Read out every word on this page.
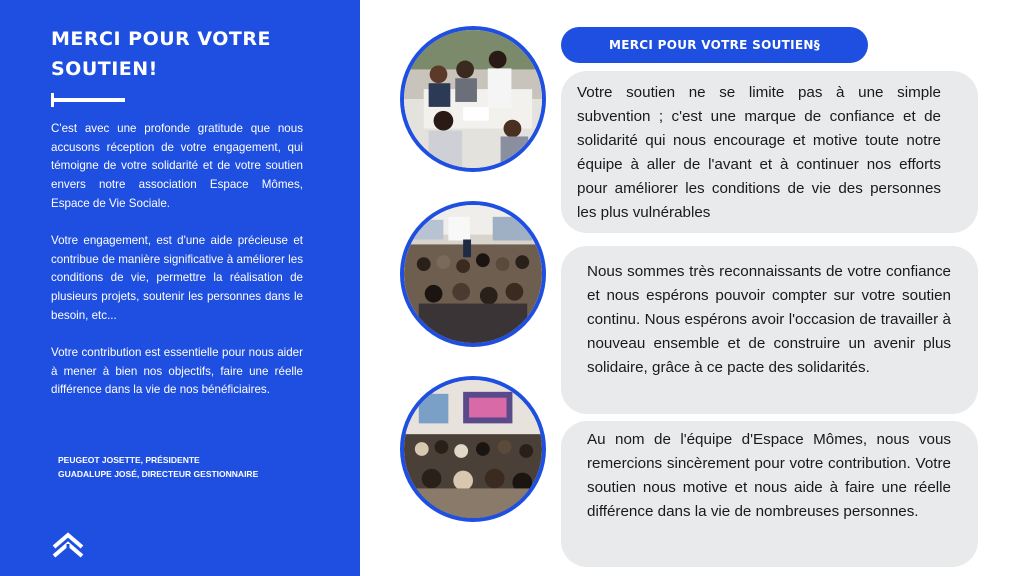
MERCI POUR VOTRE SOUTIEN!

C'est avec une profonde gratitude que nous accusons réception de votre engagement, qui témoigne de votre solidarité et de votre soutien envers notre association Espace Mômes, Espace de Vie Sociale.

Votre engagement, est d'une aide précieuse et contribue de manière significative à améliorer les conditions de vie, permettre la réalisation de plusieurs projets, soutenir les personnes dans le besoin, etc...

Votre contribution est essentielle pour nous aider à mener à bien nos objectifs, faire une réelle différence dans la vie de nos bénéficiaires.

PEUGEOT JOSETTE, PRÉSIDENTE
GUADALUPE JOSÉ, DIRECTEUR GESTIONNAIRE
MERCI POUR VOTRE SOUTIEN§

Votre soutien ne se limite pas à une simple subvention ; c'est une marque de confiance et de solidarité qui nous encourage et motive toute notre équipe à aller de l'avant et à continuer nos efforts pour améliorer les conditions de vie des personnes les plus vulnérables

Nous sommes très reconnaissants de votre confiance et nous espérons pouvoir compter sur votre soutien continu. Nous espérons avoir l'occasion de travailler à nouveau ensemble et de construire un avenir plus solidaire, grâce à ce pacte des solidarités.

Au nom de l'équipe d'Espace Mômes, nous vous remercions sincèrement pour votre contribution. Votre soutien nous motive et nous aide à faire une réelle différence dans la vie de nombreuses personnes.
